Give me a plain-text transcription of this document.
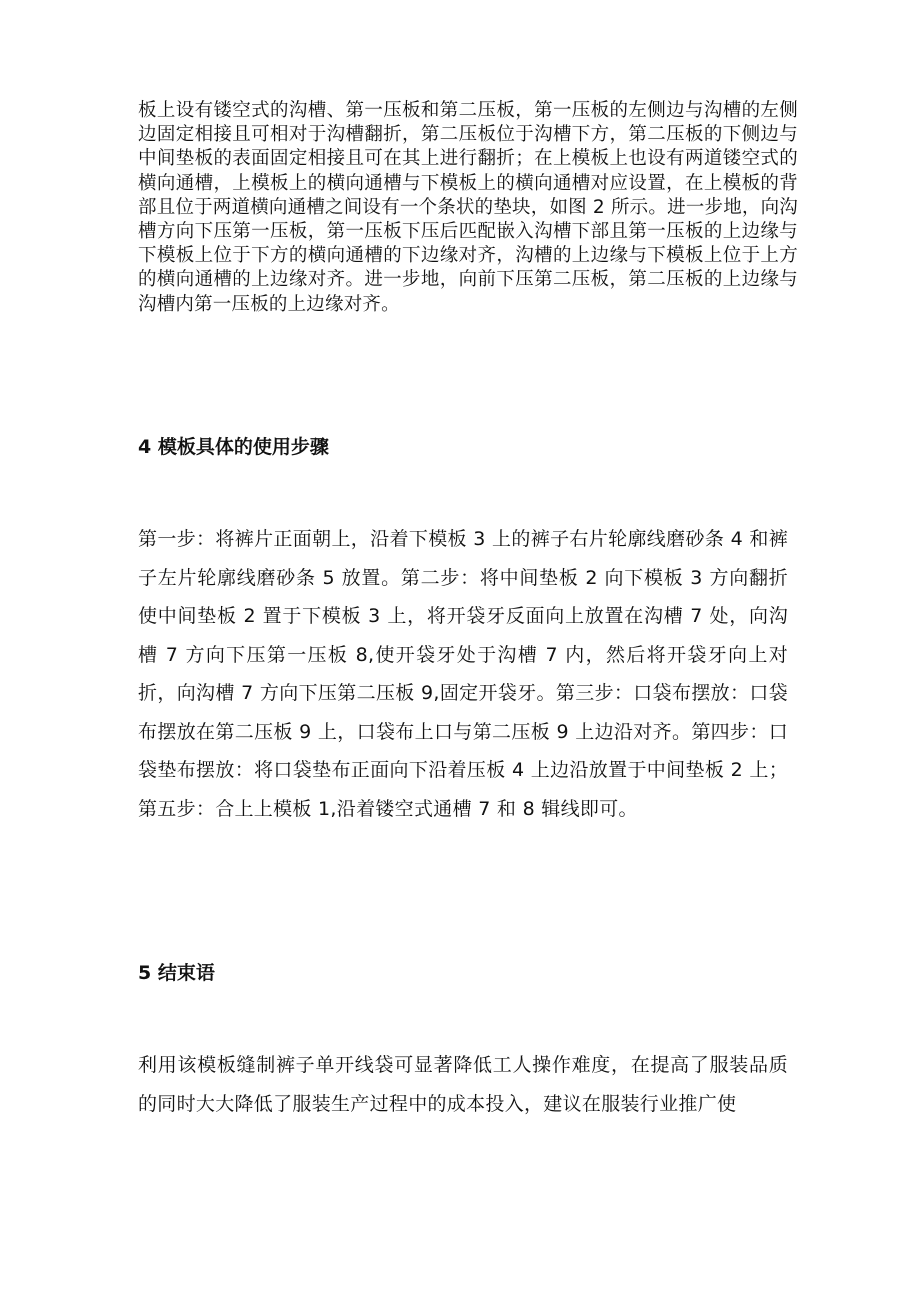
板上设有镂空式的沟槽、第一压板和第二压板，第一压板的左侧边与沟槽的左侧边固定相接且可相对于沟槽翻折，第二压板位于沟槽下方，第二压板的下侧边与中间垫板的表面固定相接且可在其上进行翻折；在上模板上也设有两道镂空式的横向通槽，上模板上的横向通槽与下模板上的横向通槽对应设置，在上模板的背部且位于两道横向通槽之间设有一个条状的垫块，如图 2 所示。进一步地，向沟槽方向下压第一压板，第一压板下压后匹配嵌入沟槽下部且第一压板的上边缘与下模板上位于下方的横向通槽的下边缘对齐，沟槽的上边缘与下模板上位于上方的横向通槽的上边缘对齐。进一步地，向前下压第二压板，第二压板的上边缘与沟槽内第一压板的上边缘对齐。

4 模板具体的使用步骤

第一步：将裤片正面朝上，沿着下模板 3 上的裤子右片轮廓线磨砂条 4 和裤子左片轮廓线磨砂条 5 放置。第二步：将中间垫板 2 向下模板 3 方向翻折使中间垫板 2 置于下模板 3 上，将开袋牙反面向上放置在沟槽 7 处，向沟槽 7 方向下压第一压板 8,使开袋牙处于沟槽 7 内，然后将开袋牙向上对折，向沟槽 7 方向下压第二压板 9,固定开袋牙。第三步：口袋布摆放：口袋布摆放在第二压板 9 上，口袋布上口与第二压板 9 上边沿对齐。第四步：口袋垫布摆放：将口袋垫布正面向下沿着压板 4 上边沿放置于中间垫板 2 上；第五步：合上上模板 1,沿着镂空式通槽 7 和 8 辑线即可。

5 结束语

利用该模板缝制裤子单开线袋可显著降低工人操作难度，在提高了服装品质的同时大大降低了服装生产过程中的成本投入，建议在服装行业推广使
